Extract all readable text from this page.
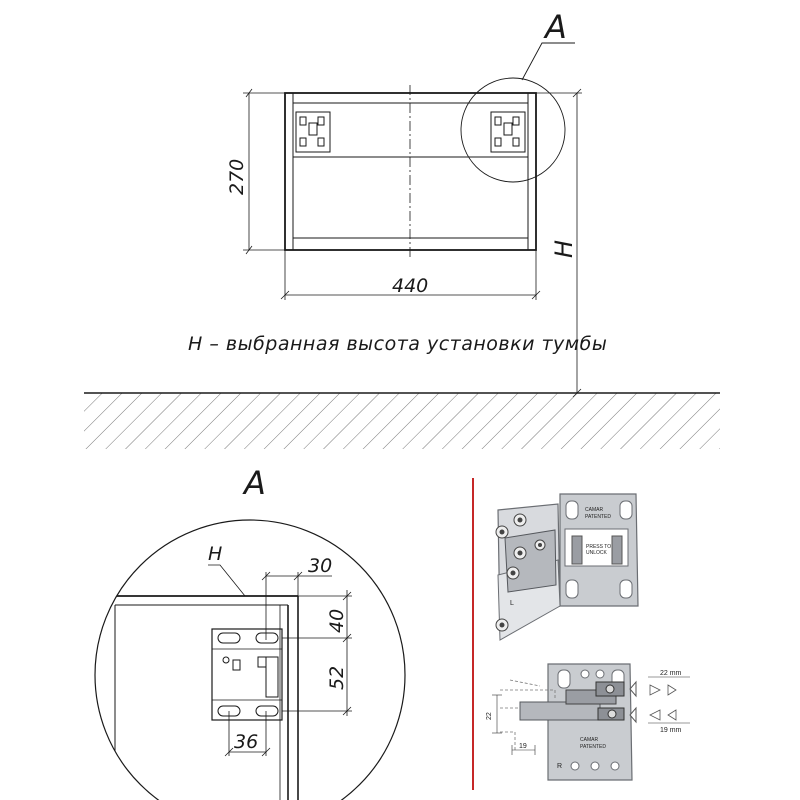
A
270
440
H
H – выбранная высота установки тумбы
A
H
30
40
52
36
CAMAR
PATENTED
PRESS TO UNLOCK
L
CAMAR
PATENTED
R
22 mm
19 mm
22
19
